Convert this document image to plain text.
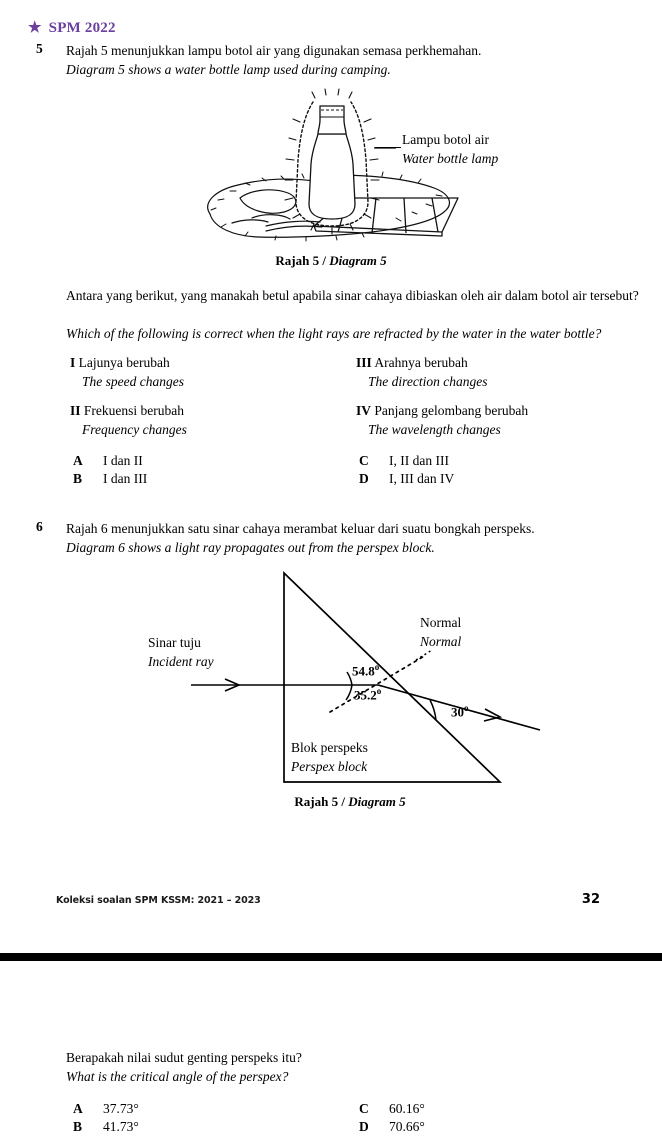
★ SPM 2022
5 Rajah 5 menunjukkan lampu botol air yang digunakan semasa perkhemahan.
Diagram 5 shows a water bottle lamp used during camping.
Lampu botol air
Water bottle lamp
Rajah 5 / Diagram 5
Antara yang berikut, yang manakah betul apabila sinar cahaya dibiaskan oleh air dalam botol air tersebut?
Which of the following is correct when the light rays are refracted by the water in the water bottle?
I Lajunya berubah
The speed changes
III Arahnya berubah
The direction changes
II Frekuensi berubah
Frequency changes
IV Panjang gelombang berubah
The wavelength changes
A I dan II
B I dan III
C I, II dan III
D I, III dan IV
6 Rajah 6 menunjukkan satu sinar cahaya merambat keluar dari suatu bongkah perspeks.
Diagram 6 shows a light ray propagates out from the perspex block.
Sinar tuju
Incident ray
Normal
Normal
Blok perspeks
Perspex block
54.8$^o$
35.2$^o$
30$^o$
Rajah 5 / Diagram 5
Koleksi soalan SPM KSSM: 2021 – 2023	32
Berapakah nilai sudut genting perspeks itu?
What is the critical angle of the perspex?
A 37.73°
B 41.73°
C 60.16°
D 70.66°
